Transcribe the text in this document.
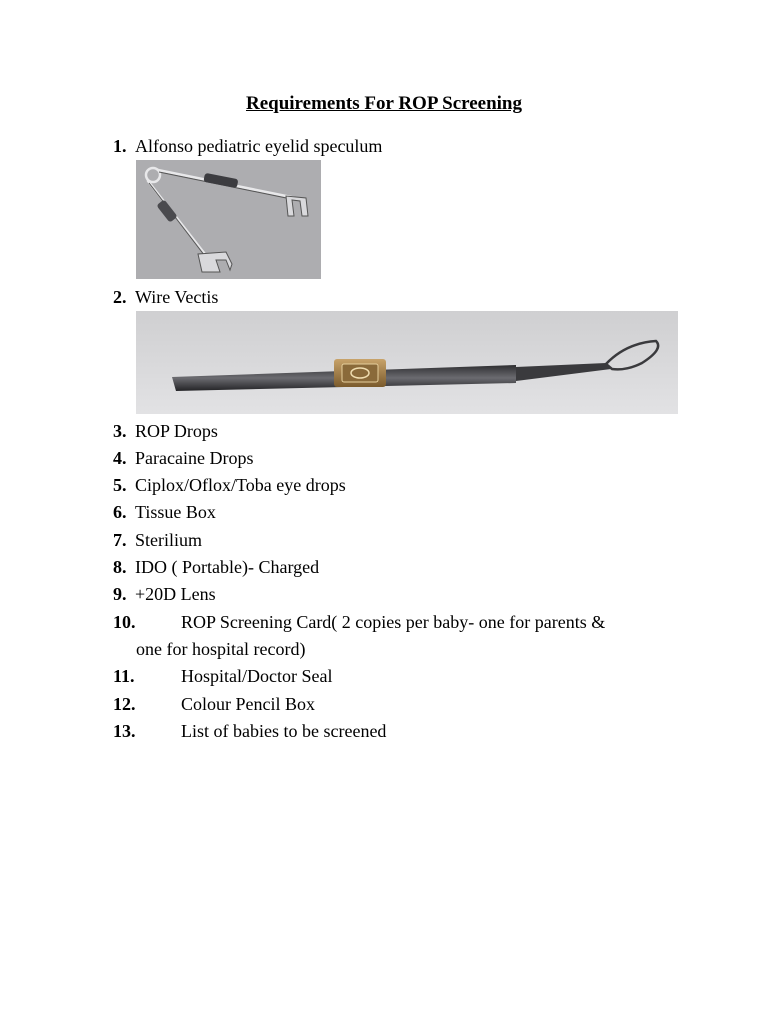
Requirements For ROP Screening
1. Alfonso pediatric eyelid speculum
2. Wire Vectis
3. ROP Drops
4. Paracaine Drops
5. Ciplox/Oflox/Toba eye drops
6. Tissue Box
7. Sterilium
8. IDO ( Portable)- Charged
9. +20D Lens
10.	ROP Screening Card( 2 copies per baby- one for parents &
one for hospital record)
11.	Hospital/Doctor Seal
12.	Colour Pencil Box
13.	List of babies to be screened
